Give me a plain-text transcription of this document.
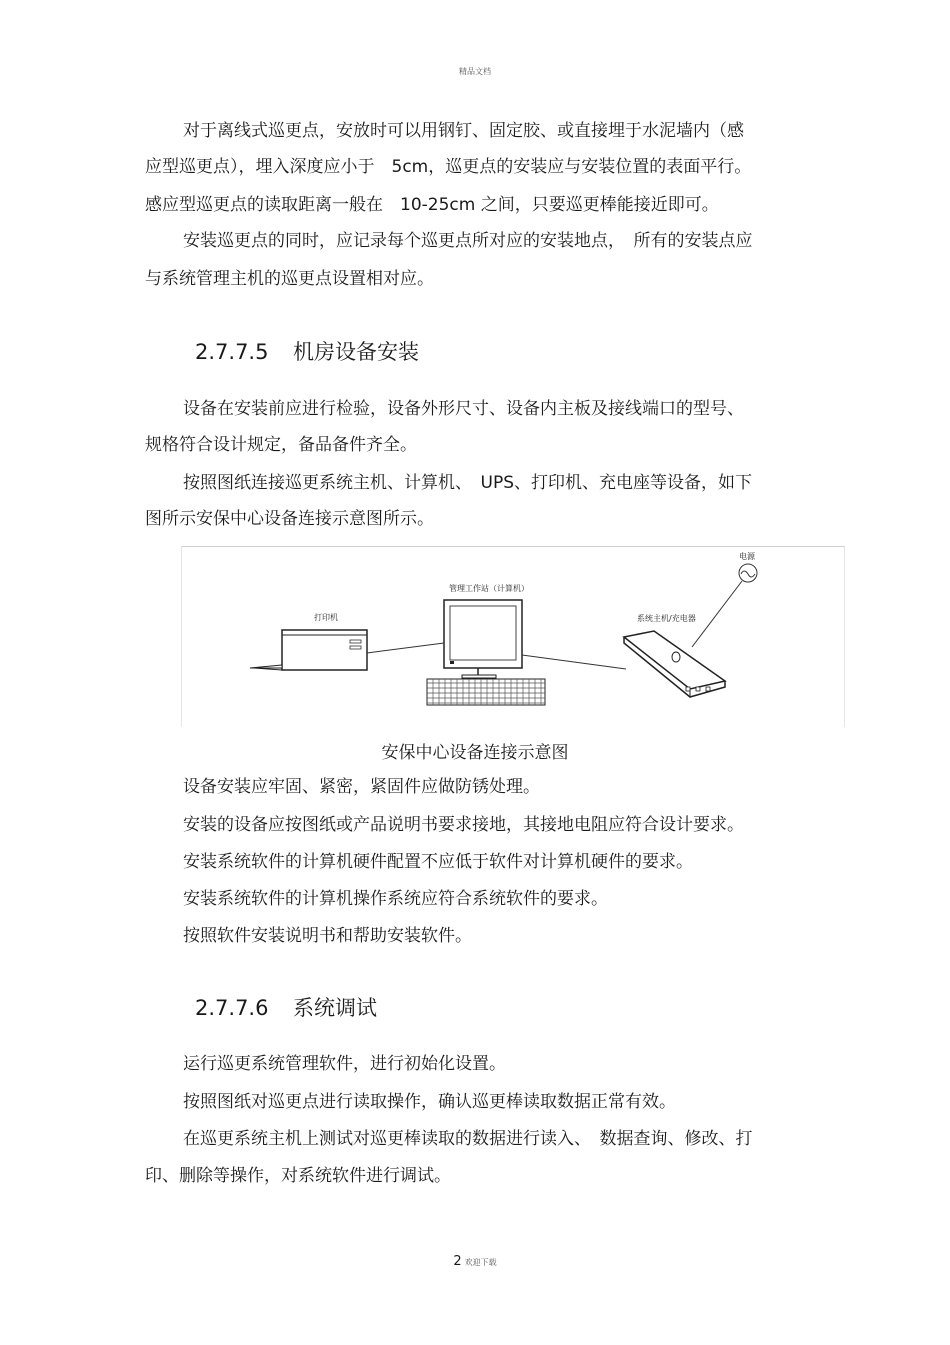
精品文档

对于离线式巡更点，安放时可以用钢钉、固定胶、或直接埋于水泥墙内（感

应型巡更点），埋入深度应小于　5cm，巡更点的安装应与安装位置的表面平行。

感应型巡更点的读取距离一般在　10-25cm 之间，只要巡更棒能接近即可。

安装巡更点的同时，应记录每个巡更点所对应的安装地点，　所有的安装点应

与系统管理主机的巡更点设置相对应。

2.7.7.5 机房设备安装

设备在安装前应进行检验，设备外形尺寸、设备内主板及接线端口的型号、

规格符合设计规定，备品备件齐全。

按照图纸连接巡更系统主机、计算机、　UPS、打印机、充电座等设备，如下

图所示安保中心设备连接示意图所示。

电源
管理工作站（计算机）
打印机	系统主机/充电器
安保中心设备连接示意图

设备安装应牢固、紧密，紧固件应做防锈处理。

安装的设备应按图纸或产品说明书要求接地，其接地电阻应符合设计要求。

安装系统软件的计算机硬件配置不应低于软件对计算机硬件的要求。

安装系统软件的计算机操作系统应符合系统软件的要求。

按照软件安装说明书和帮助安装软件。

2.7.7.6 系统调试

运行巡更系统管理软件，进行初始化设置。

按照图纸对巡更点进行读取操作，确认巡更棒读取数据正常有效。

在巡更系统主机上测试对巡更棒读取的数据进行读入、　数据查询、修改、打

印、删除等操作，对系统软件进行调试。

2 欢迎下载
